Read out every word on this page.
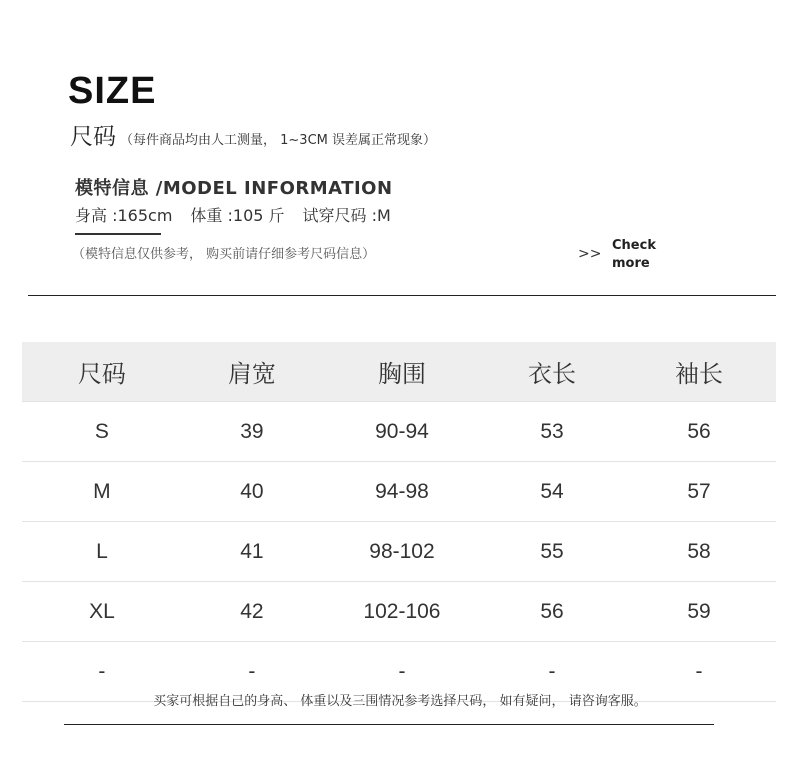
SIZE
尺码 （每件商品均由人工测量， 1~3CM 误差属正常现象）
模特信息 /MODEL INFORMATION
身高 :165cm 体重 :105 斤 试穿尺码 :M
（模特信息仅供参考， 购买前请仔细参考尺码信息）	>>
Check
more
尺码	肩宽	胸围	衣长	袖长
S	39	90-94	53	56
M	40	94-98	54	57
L	41	98-102	55	58
XL	42	102-106	56	59
-	-	-	-	-
买家可根据自己的身高、 体重以及三围情况参考选择尺码， 如有疑问， 请咨询客服。
